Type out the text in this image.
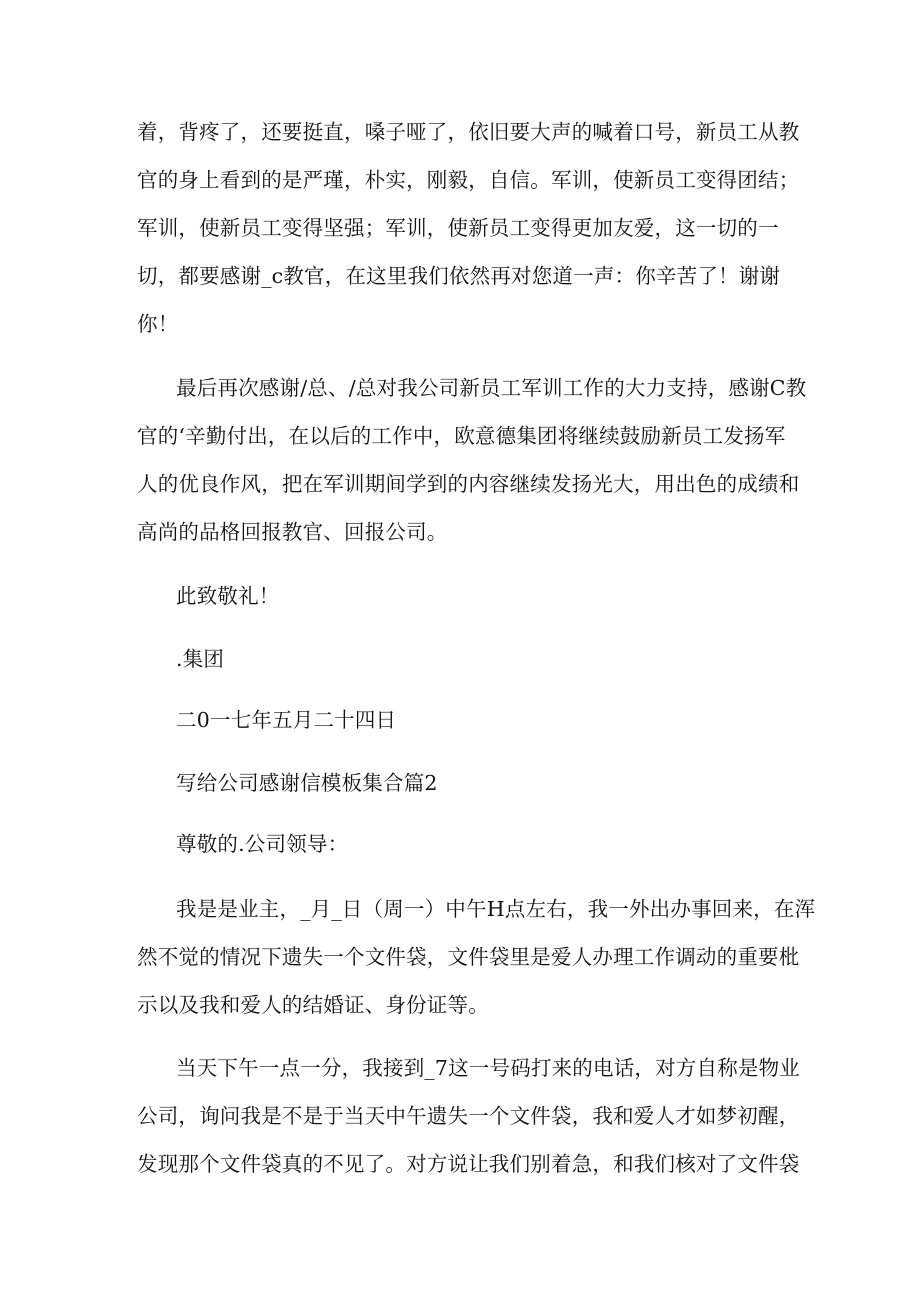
着，背疼了，还要挺直，嗓子哑了，依旧要大声的喊着口号，新员工从教
官的身上看到的是严瑾，朴实，刚毅，自信。军训，使新员工变得团结；
军训，使新员工变得坚强；军训，使新员工变得更加友爱，这一切的一
切，都要感谢_c教官，在这里我们依然再对您道一声：你辛苦了！谢谢
你！
最后再次感谢/总、/总对我公司新员工军训工作的大力支持，感谢C教
官的‘辛勤付出，在以后的工作中，欧意德集团将继续鼓励新员工发扬军
人的优良作风，把在军训期间学到的内容继续发扬光大，用出色的成绩和
高尚的品格回报教官、回报公司。
此致敬礼！
.集团
二0一七年五月二十四日
写给公司感谢信模板集合篇2
尊敬的.公司领导：
我是是业主，_月_日（周一）中午H点左右，我一外出办事回来，在浑
然不觉的情况下遗失一个文件袋，文件袋里是爱人办理工作调动的重要枇
示以及我和爱人的结婚证、身份证等。
当天下午一点一分，我接到_7这一号码打来的电话，对方自称是物业
公司，询问我是不是于当天中午遗失一个文件袋，我和爱人才如梦初醒，
发现那个文件袋真的不见了。对方说让我们别着急，和我们核对了文件袋
